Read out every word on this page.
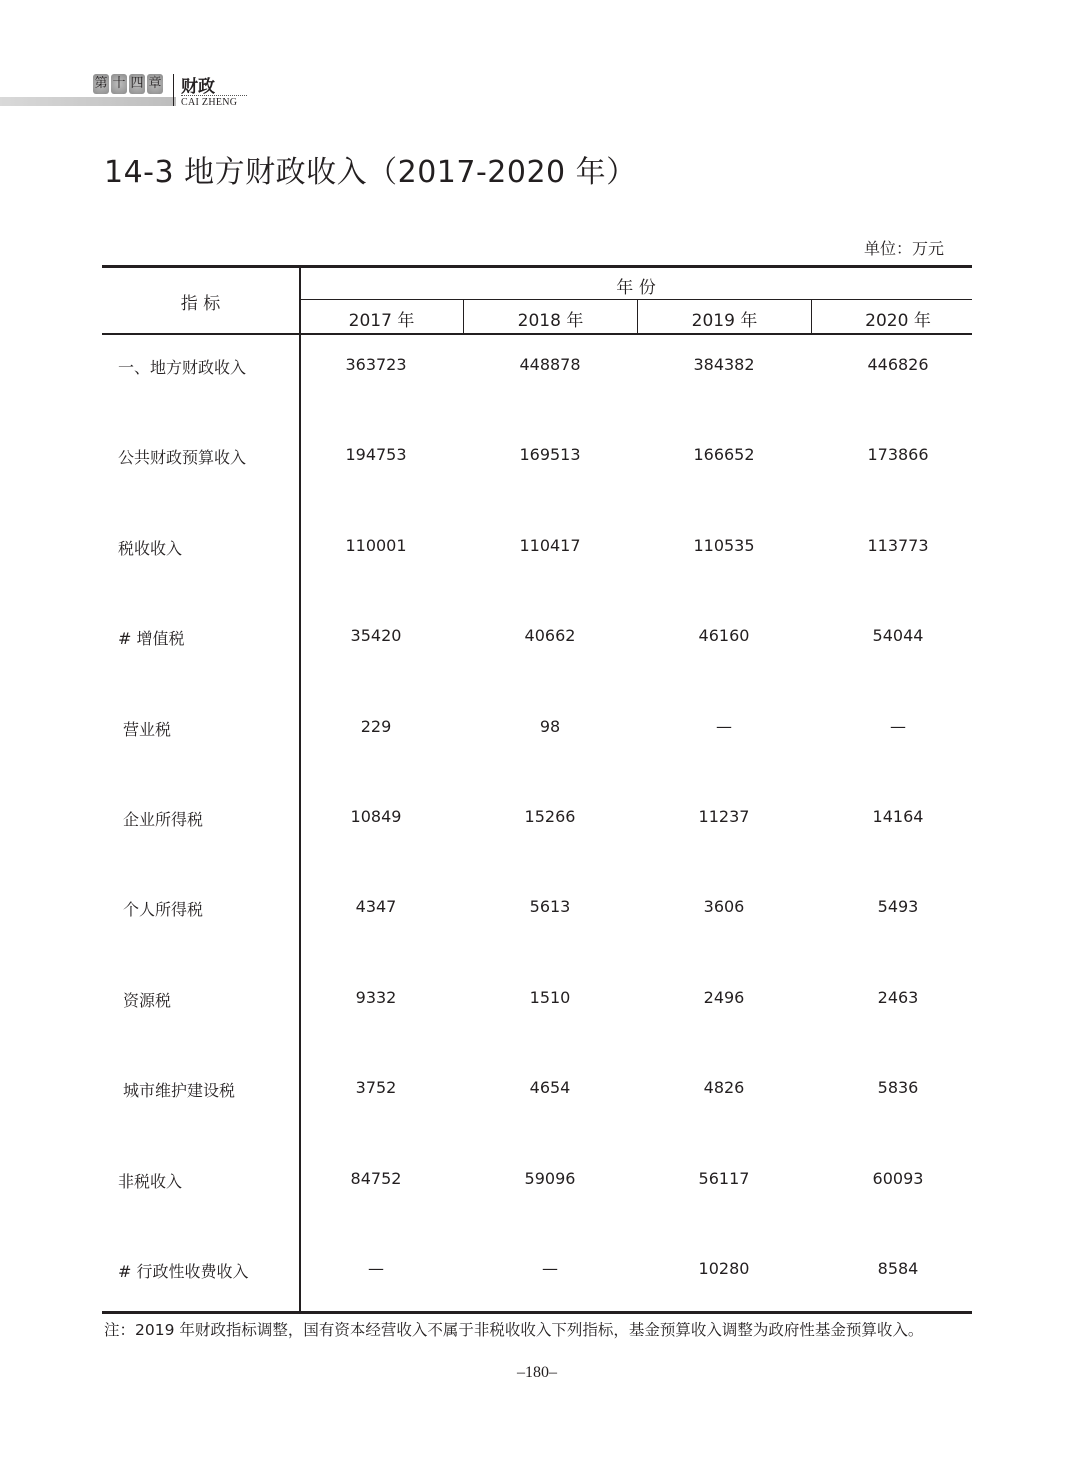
第 十 四 章 财政
CAI ZHENG
14-3 地方财政收入（2017-2020 年）
单位：万元
指 标
年 份
2017 年	2018 年	2019 年	2020 年
一、地方财政收入	363723	448878	384382	446826
公共财政预算收入	194753	169513	166652	173866
税收收入	110001	110417	110535	113773
# 增值税	35420	40662	46160	54044
营业税	229	98	—	—
企业所得税	10849	15266	11237	14164
个人所得税	4347	5613	3606	5493
资源税	9332	1510	2496	2463
城市维护建设税	3752	4654	4826	5836
非税收入	84752	59096	56117	60093
# 行政性收费收入	—	—	10280	8584
注：2019 年财政指标调整，国有资本经营收入不属于非税收收入下列指标，基金预算收入调整为政府性基金预算收入。
–180–
